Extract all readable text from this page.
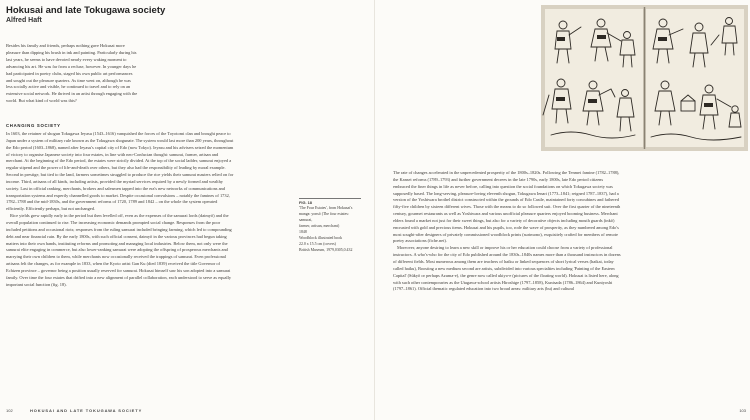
Hokusai and late Tokugawa society
Alfred Haft

Besides his family and friends, perhaps nothing gave Hokusai more pleasure than dipping his brush in ink and painting. Particularly during his last years, he seems to have devoted nearly every waking moment to advancing his art. He was far from a recluse, however. In younger days he had participated in poetry clubs, staged his own public art performances and sought out the pleasure quarters. As time went on, although he was less socially active and visible, he continued to travel and to rely on an extensive social network. He thrived in an artist through engaging with the world. But what kind of world was this?

CHANGING SOCIETY

In 1603, the retainer of shogun Tokugawa Ieyasu (1543–1616) vanquished the forces of the Toyotomi clan and brought peace to Japan under a system of military rule known as the Tokugawa shogunate. The system would last more than 200 years, throughout the Edo period (1603–1868), named after Ieyasu's capital city of Edo (now Tokyo). Ieyasu and his advisers seized the momentum of victory to organise Japanese society into four estates, in line with neo-Confucian thought: samurai, farmer, artisan and merchant. At the beginning of the Edo period, the estates were strictly divided. At the top of the social ladder, samurai enjoyed a regular stipend and the power of life-and-death over others, but they also had the responsibility of leading by moral example. Second in prestige, but tied to the land, farmers sometimes struggled to produce the rice yields their samurai masters relied on for income. Third, artisans of all kinds, including artists, provided the myriad services required by a newly formed and wealthy society. Last in official ranking, merchants, brokers and salesmen tapped into the era's new networks of communications and transportation systems and expertly channelled goods to market. Despite occasional convulsions – notably the famines of 1732, 1782–1788 and the mid-1830s, and the government reforms of 1720, 1789 and 1842 – on the whole the system operated efficiently. Efficiently perhaps, but not unchanged.

Rice yields grew rapidly early in the period but then levelled off, even as the expenses of the samurai lords (daimyō) and the overall population continued to rise. The increasing economic demands prompted social change. Responses from the poor included petitions and occasional riots; responses from the ruling samurai included bringing farming, which led to compounding debt and near financial ruin. By the early 1800s, with such official consent, daimyō in the various provinces had begun taking matters into their own hands, instituting reforms and promoting and managing local industries. Below them, not only were the samurai elite engaging in commerce, but also lower-ranking samurai were adopting the offspring of prosperous merchants and marrying their own children to them, while merchants now occasionally received the trappings of samurai. Even professional artisans felt the changes, as for example in 1833, when the Kyoto artist Gan Ku (died 1839) received the title Governor of Echizen province – governor being a position usually reserved for samurai. Hokusai himself saw his son adopted into a samurai family. Over time the four estates that drifted into a new alignment of parallel collaboration, each understood to serve as equally important social function (fig. 18).

FIG. 18
'The Four Estates', from Hokusai's
manga: yonsō (The four estates: samurai,
farmer, artisan, merchant)
1848
Woodblock illustrated book
22.0 x 15.5 cm (covers)
British Museum, 1979,0305,0.432

The rate of changes accelerated in the unprecedented prosperity of the 1800s–1820s. Following the Tenmei famine (1782–1788), the Kansei reforms (1789–1793) and further government decrees in the late 1790s, early 1800s, late Edo period citizens embraced the finer things in life as never before, calling into question the social foundations on which Tokugawa society was supposedly based. The long-serving, pleasure-loving eleventh shogun, Tokugawa Ienari (1773–1841; reigned 1787–1837), had a version of the Yoshiwara brothel district constructed within the grounds of Edo Castle, maintained forty concubines and fathered fifty-five children by sixteen different wives. Those with the means to do so followed suit. Over the first quarter of the nineteenth century, gourmet restaurants as well as Yoshiwara and various unofficial pleasure quarters enjoyed booming business. Merchant elders found a market not just for their sweet things, but also for a variety of decorative objects including mouth guards (inkō) encrusted with gold and precious items. Hokusai and his pupils, too, rode the wave of prosperity, as they numbered among Edo's most sought-after designers of privately commissioned woodblock prints (surimono), exquisitely crafted for members of remote poetry associations (fiche.net).

Moreover, anyone desiring to learn a new skill or improve his or her education could choose from a variety of professional instructors. A who's-who for the city of Edo published around the 1830s–1840s names more than a thousand instructors in dozens of different fields. Most numerous among them are teachers of haiku or linked sequences of short lyrical verses (haikai, today called haiku), Boosting a new medium second are artists, subdivided into various specialties including 'Painting of the Eastern Capital' (Sūkyō or perhaps Azuma-e), the genre now called ukiyo-e (pictures of the floating world). Hokusai is listed here, along with such other contemporaries as the Utagawa-school artists Hiroshige (1797–1858), Kunisada (1786–1864) and Kuniyoshi (1797–1861). Official thematic regulated education into two broad areas: military arts (bu) and cultural

102	HOKUSAI AND LATE TOKUGAWA SOCIETY	103
